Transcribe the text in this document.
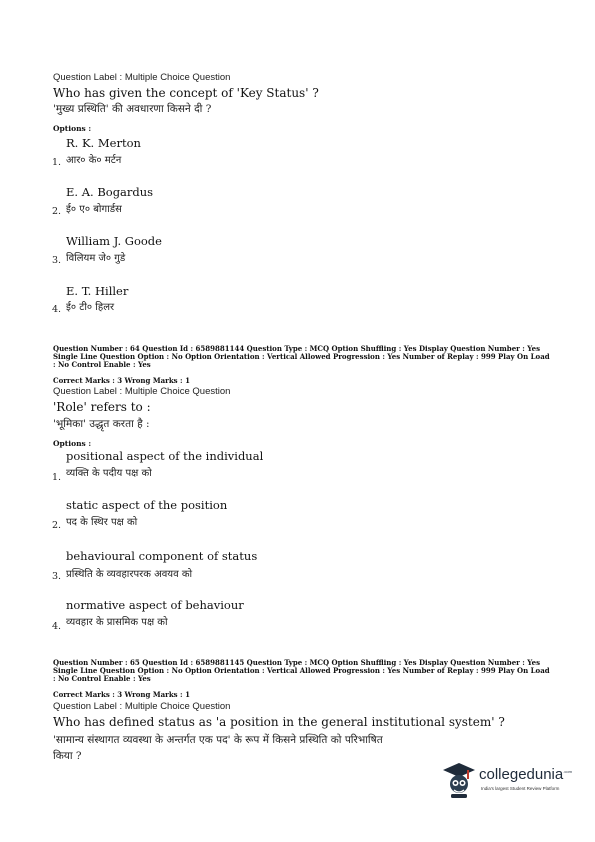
Question Label : Multiple Choice Question
Who has given the concept of 'Key Status' ?
'मुख्य प्रस्थिति' की अवधारणा किसने दी ?
Options :
R. K. Merton
आर० के० मर्टन
1.
E. A. Bogardus
ई० ए० बोगार्डस
2.
William J. Goode
विलियम जे० गुडे
3.
E. T. Hiller
ई० टी० हिलर
4.
Question Number : 64 Question Id : 6589881144 Question Type : MCQ Option Shuffling : Yes Display Question Number : Yes Single Line Question Option : No Option Orientation : Vertical Allowed Progression : Yes Number of Replay : 999 Play On Load : No Control Enable : Yes
Correct Marks : 3 Wrong Marks : 1
Question Label : Multiple Choice Question
'Role' refers to :
'भूमिका' उद्धृत करता है :
Options :
positional aspect of the individual
व्यक्ति के पदीय पक्ष को
1.
static aspect of the position
पद के स्थिर पक्ष को
2.
behavioural component of status
प्रस्थिति के व्यवहारपरक अवयव को
3.
normative aspect of behaviour
व्यवहार के प्रासमिक पक्ष को
4.
Question Number : 65 Question Id : 6589881145 Question Type : MCQ Option Shuffling : Yes Display Question Number : Yes Single Line Question Option : No Option Orientation : Vertical Allowed Progression : Yes Number of Replay : 999 Play On Load : No Control Enable : Yes
Correct Marks : 3 Wrong Marks : 1
Question Label : Multiple Choice Question
Who has defined status as 'a position in the general institutional system' ?
'सामान्य संस्थागत व्यवस्था के अन्तर्गत एक पद' के रूप में किसने प्रस्थिति को परिभाषित
किया ?
collegedunia$^{.com}$
India's largest Student Review Platform
